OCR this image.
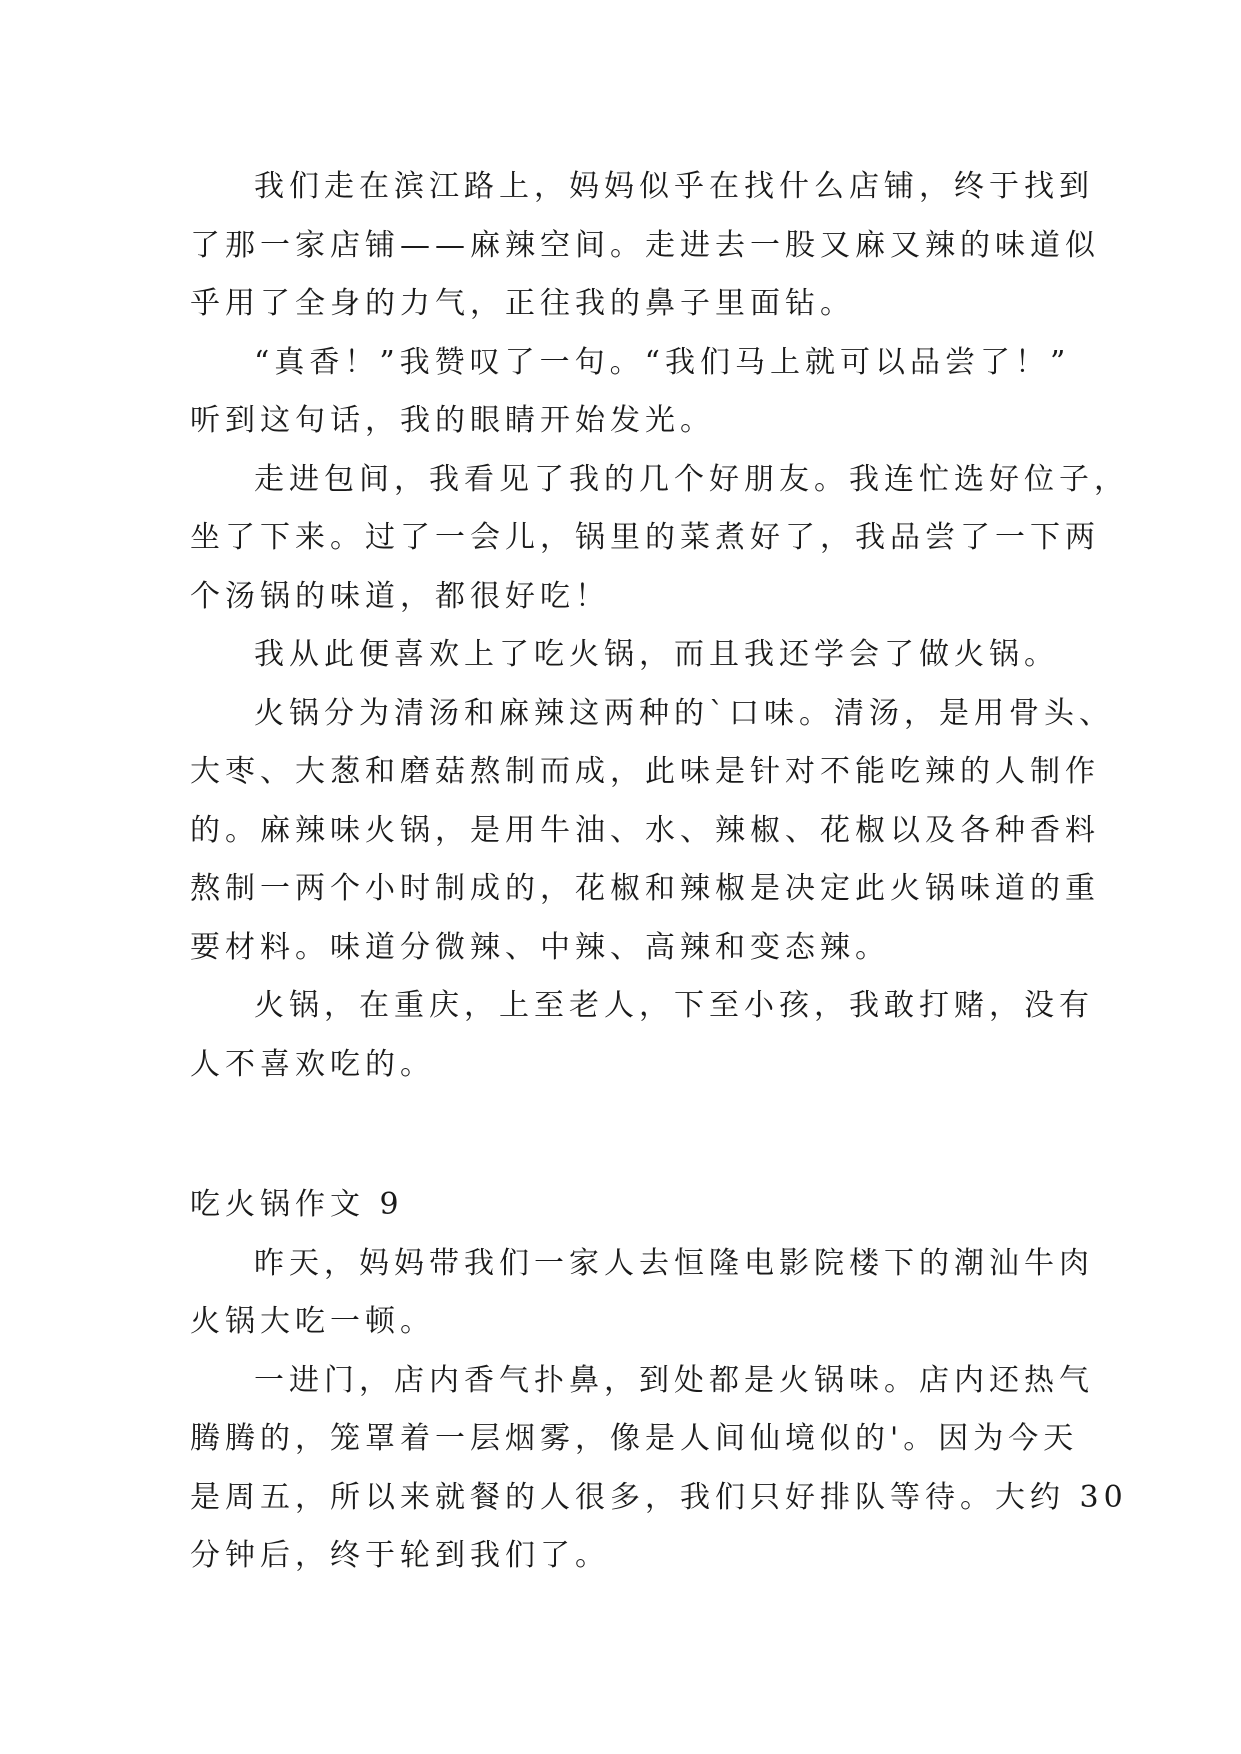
我们走在滨江路上，妈妈似乎在找什么店铺，终于找到
了那一家店铺——麻辣空间。走进去一股又麻又辣的味道似
乎用了全身的力气，正往我的鼻子里面钻。
“真香！”我赞叹了一句。“我们马上就可以品尝了！”
听到这句话，我的眼睛开始发光。
走进包间，我看见了我的几个好朋友。我连忙选好位子，
坐了下来。过了一会儿，锅里的菜煮好了，我品尝了一下两
个汤锅的味道，都很好吃！
我从此便喜欢上了吃火锅，而且我还学会了做火锅。
火锅分为清汤和麻辣这两种的`口味。清汤，是用骨头、
大枣、大葱和磨菇熬制而成，此味是针对不能吃辣的人制作
的。麻辣味火锅，是用牛油、水、辣椒、花椒以及各种香料
熬制一两个小时制成的，花椒和辣椒是决定此火锅味道的重
要材料。味道分微辣、中辣、高辣和变态辣。
火锅，在重庆，上至老人，下至小孩，我敢打赌，没有
人不喜欢吃的。
吃火锅作文 9
昨天，妈妈带我们一家人去恒隆电影院楼下的潮汕牛肉
火锅大吃一顿。
一进门，店内香气扑鼻，到处都是火锅味。店内还热气
腾腾的，笼罩着一层烟雾，像是人间仙境似的'。因为今天
是周五，所以来就餐的人很多，我们只好排队等待。大约 30
分钟后，终于轮到我们了。
